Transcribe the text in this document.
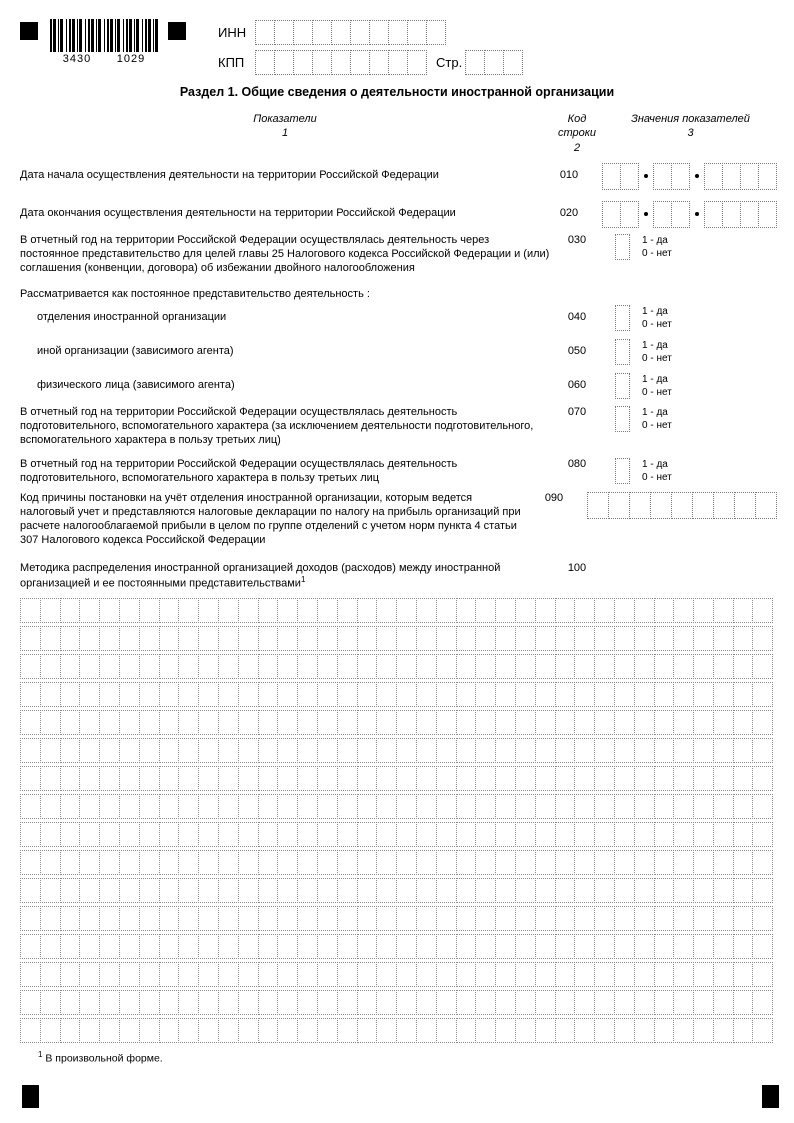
3430 1029
ИНН
КПП	Стр.
Раздел 1. Общие сведения о деятельности иностранной организации
Показатели
1
Код строки
2
Значения показателей
3
Дата начала осуществления деятельности на территории Российской Федерации	010
Дата окончания осуществления деятельности на территории Российской Федерации	020
В отчетный год на территории Российской Федерации осуществлялась деятельность через постоянное представительство для целей главы 25 Налогового кодекса Российской Федерации и (или) соглашения (конвенции, договора) об избежании двойного налогообложения
030	1 - да
0 - нет
Рассматривается как постоянное представительство деятельность :
отделения иностранной организации	040
1 - да
0 - нет
иной организации (зависимого агента)	050
1 - да
0 - нет
физического лица (зависимого агента)	060
1 - да
0 - нет
В отчетный год на территории Российской Федерации осуществлялась деятельность подготовительного, вспомогательного характера (за исключением деятельности подготовительного, вспомогательного характера в пользу третьих лиц)
070	1 - да
0 - нет
В отчетный год на территории Российской Федерации осуществлялась деятельность подготовительного, вспомогательного характера в пользу третьих лиц
080	1 - да
0 - нет
Код причины постановки на учёт отделения иностранной организации, которым ведется налоговый учет и представляются налоговые декларации по налогу на прибыль организаций при расчете налогооблагаемой прибыли в целом по группе отделений с учетом норм пункта 4 статьи 307 Налогового кодекса Российской Федерации
090
Методика распределения иностранной организацией доходов (расходов) между иностранной организацией и ее постоянными представительствами$^1$
100
$^1$ В произвольной форме.
